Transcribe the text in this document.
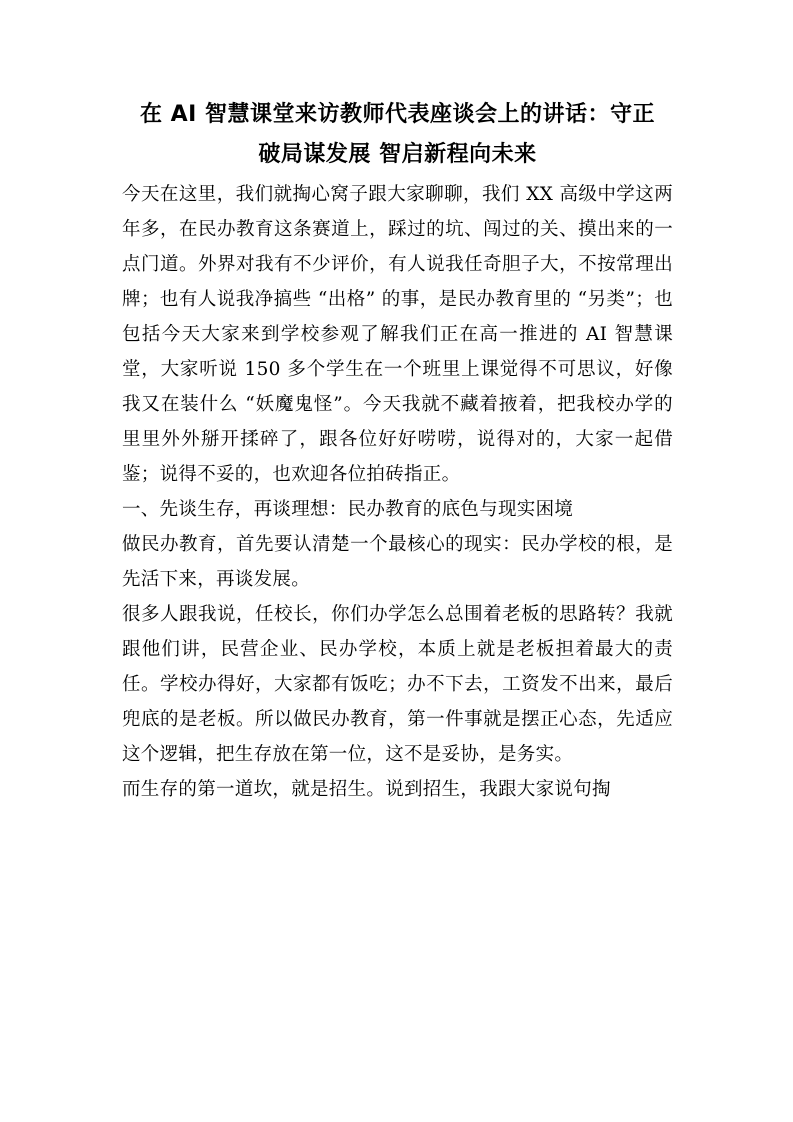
在 AI 智慧课堂来访教师代表座谈会上的讲话：守正
破局谋发展 智启新程向未来

今天在这里，我们就掏心窝子跟大家聊聊，我们 XX 高级中学这两年多，在民办教育这条赛道上，踩过的坑、闯过的关、摸出来的一点门道。外界对我有不少评价，有人说我任奇胆子大，不按常理出牌；也有人说我净搞些 “出格” 的事，是民办教育里的 “另类”；也包括今天大家来到学校参观了解我们正在高一推进的 AI 智慧课堂，大家听说 150 多个学生在一个班里上课觉得不可思议，好像我又在装什么 “妖魔鬼怪”。今天我就不藏着掖着，把我校办学的里里外外掰开揉碎了，跟各位好好唠唠，说得对的，大家一起借鉴；说得不妥的，也欢迎各位拍砖指正。

一、先谈生存，再谈理想：民办教育的底色与现实困境

做民办教育，首先要认清楚一个最核心的现实：民办学校的根，是先活下来，再谈发展。

很多人跟我说，任校长，你们办学怎么总围着老板的思路转？我就跟他们讲，民营企业、民办学校，本质上就是老板担着最大的责任。学校办得好，大家都有饭吃；办不下去，工资发不出来，最后兜底的是老板。所以做民办教育，第一件事就是摆正心态，先适应这个逻辑，把生存放在第一位，这不是妥协，是务实。

而生存的第一道坎，就是招生。说到招生，我跟大家说句掏
